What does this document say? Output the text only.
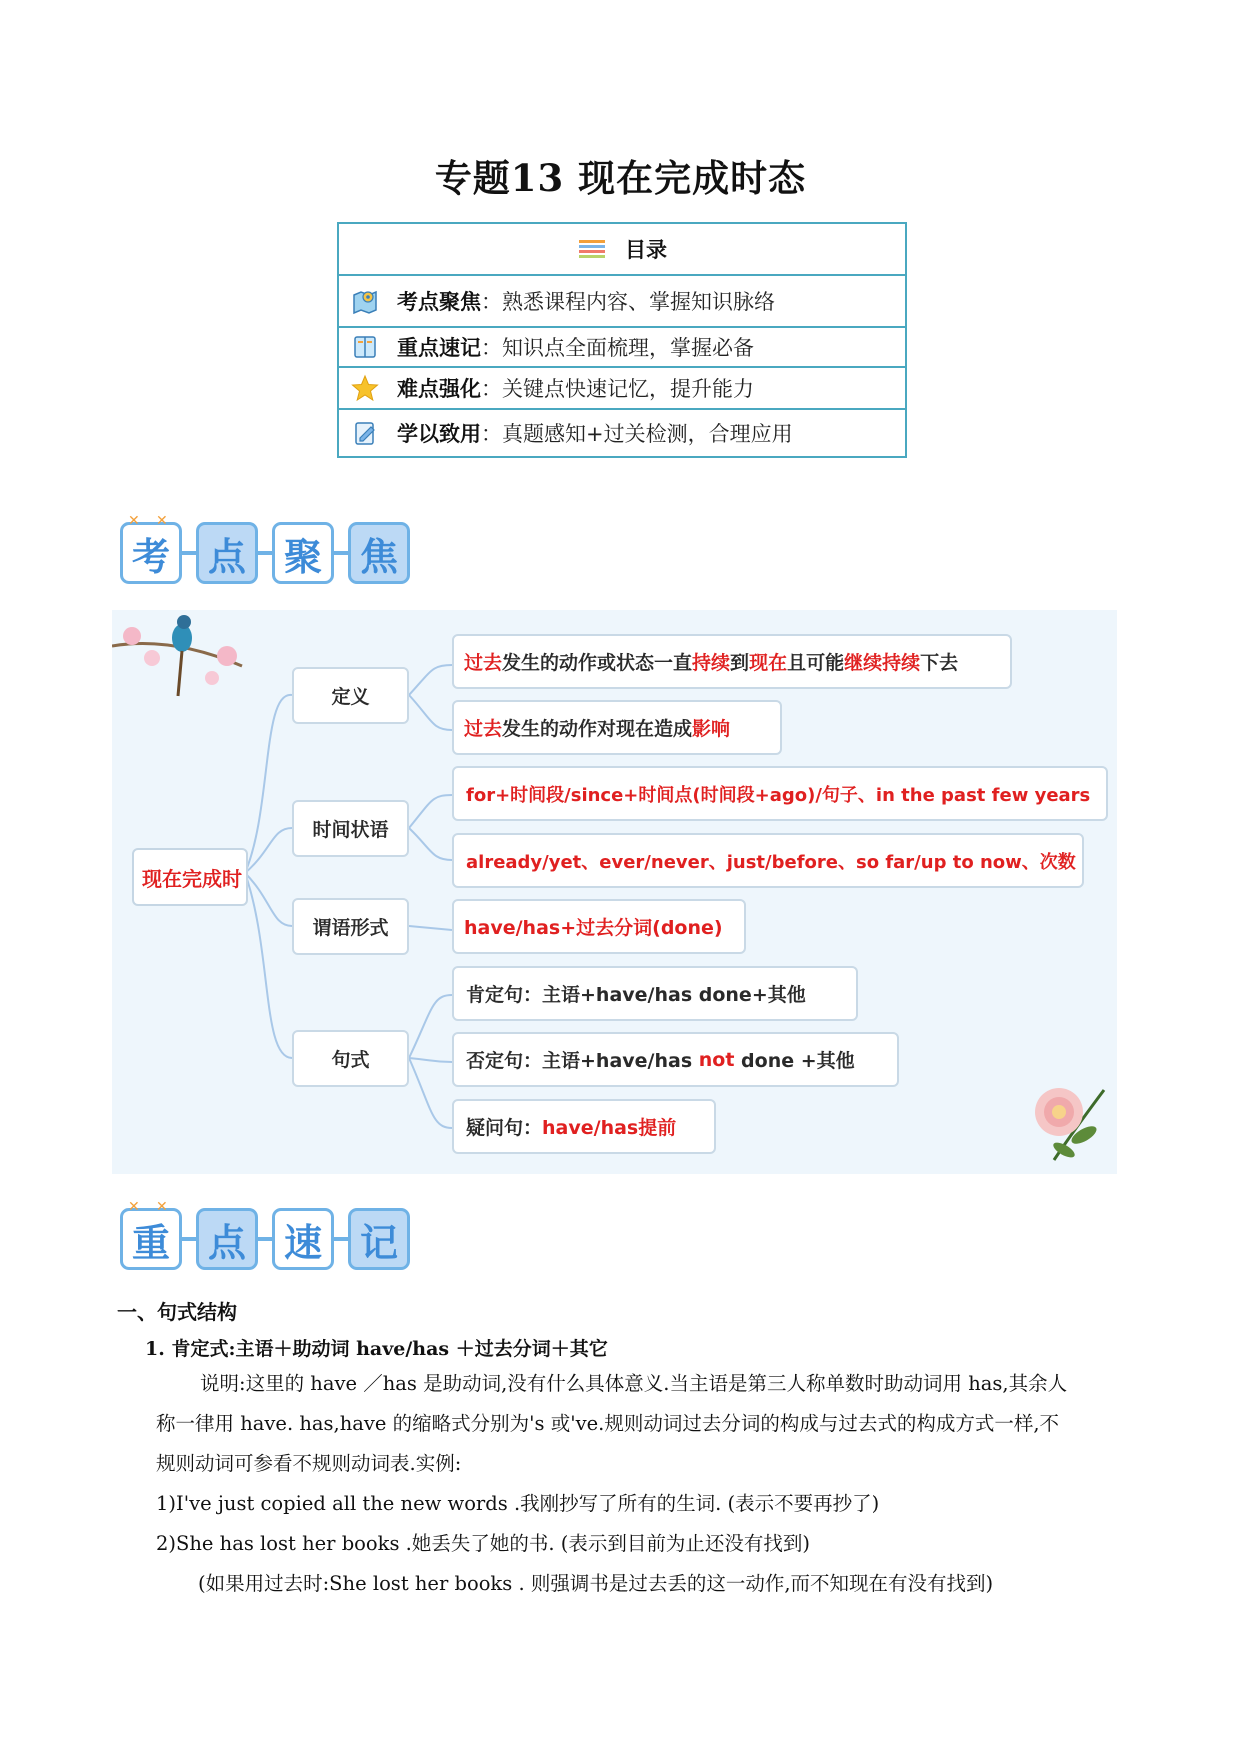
专题13 现在完成时态
目录
考点聚焦 ：熟悉课程内容、掌握知识脉络
重点速记 ：知识点全面梳理，掌握必备
难点强化 ：关键点快速记忆，提升能力
学以致用 ：真题感知+过关检测，合理应用
考 点 聚 焦
✕ ✕
现在完成时
定义
时间状语
谓语形式
句式
过去 发生的动作或状态一直 持续 到 现在 且可能 继续持续 下去
过去 发生的动作对现在造成 影响
for+时间段/since+时间点(时间段+ago)/句子、in the past few years
already/yet、ever/never、just/before、so far/up to now、次数
have/has+过去分词(done)
肯定句：主语+have/has done+其他
否定句：主语+have/has not done +其他
疑问句： have/has提前
重 点 速 记
✕ ✕
一、句式结构
1. 肯定式:主语＋助动词 have/has ＋过去分词＋其它
说明:这里的 have ／has 是助动词,没有什么具体意义.当主语是第三人称单数时助动词用 has,其余人
称一律用 have. has,have 的缩略式分别为's 或've.规则动词过去分词的构成与过去式的构成方式一样,不
规则动词可参看不规则动词表.实例:
1)I've just copied all the new words .我刚抄写了所有的生词. (表示不要再抄了)
2)She has lost her books .她丢失了她的书. (表示到目前为止还没有找到)
(如果用过去时:She lost her books . 则强调书是过去丢的这一动作,而不知现在有没有找到)
